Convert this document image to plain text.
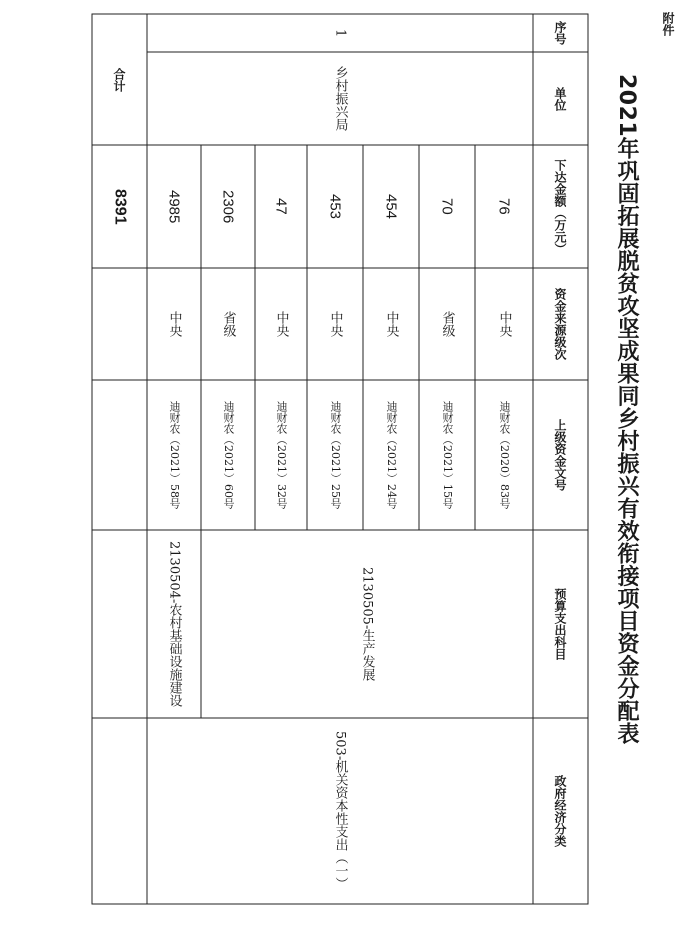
附件
2021年巩固拓展脱贫攻坚成果同乡村振兴有效衔接项目资金分配表
序号
单位
下达金额（万元）
资金来源级次
上级资金文号
预算支出科目
政府经济分类
1
乡村振兴局
76
中央
迪财农（2020）83号
70
省级
迪财农（2021）15号
454
中央
迪财农（2021）24号
453
中央
迪财农（2021）25号
47
中央
迪财农（2021）32号
2306
省级
迪财农（2021）60号
4985
中央
迪财农（2021）58号
2130505-生产发展
2130504-农村基础设施建设
503-机关资本性支出（一）
合计
8391
